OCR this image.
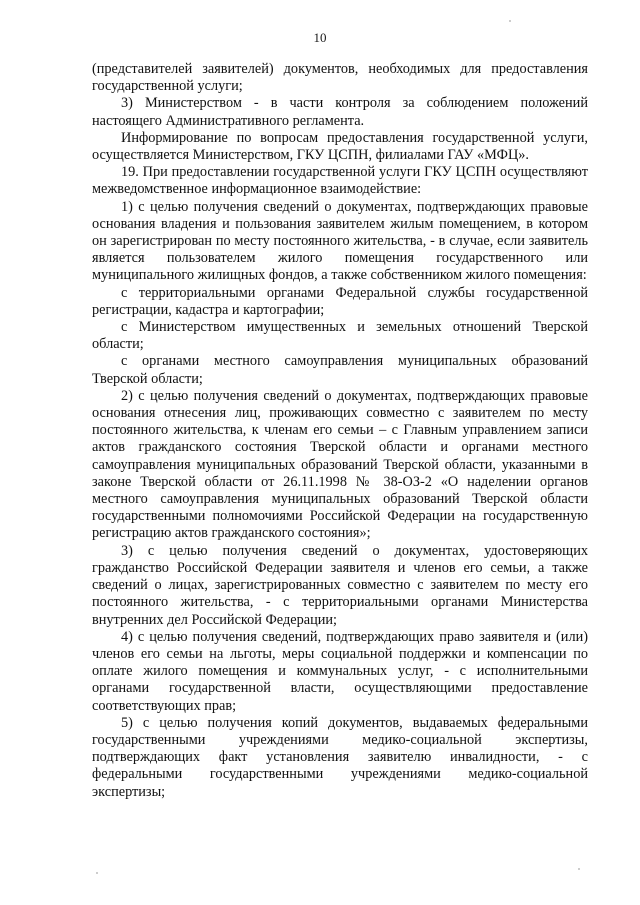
10

(представителей заявителей) документов, необходимых для предоставления государственной услуги;

3) Министерством - в части контроля за соблюдением положений настоящего Административного регламента.

Информирование по вопросам предоставления государственной услуги, осуществляется Министерством, ГКУ ЦСПН, филиалами ГАУ «МФЦ».

19. При предоставлении государственной услуги ГКУ ЦСПН осуществляют межведомственное информационное взаимодействие:

1) с целью получения сведений о документах, подтверждающих правовые основания владения и пользования заявителем жилым помещением, в котором он зарегистрирован по месту постоянного жительства, - в случае, если заявитель является пользователем жилого помещения государственного или муниципального жилищных фондов, а также собственником жилого помещения:

с территориальными органами Федеральной службы государственной регистрации, кадастра и картографии;

с Министерством имущественных и земельных отношений Тверской области;

с органами местного самоуправления муниципальных образований Тверской области;

2) с целью получения сведений о документах, подтверждающих правовые основания отнесения лиц, проживающих совместно с заявителем по месту постоянного жительства, к членам его семьи – с Главным управлением записи актов гражданского состояния Тверской области и органами местного самоуправления муниципальных образований Тверской области, указанными в законе Тверской области от 26.11.1998 № 38-ОЗ-2 «О наделении органов местного самоуправления муниципальных образований Тверской области государственными полномочиями Российской Федерации на государственную регистрацию актов гражданского состояния»;

3) с целью получения сведений о документах, удостоверяющих гражданство Российской Федерации заявителя и членов его семьи, а также сведений о лицах, зарегистрированных совместно с заявителем по месту его постоянного жительства, - с территориальными органами Министерства внутренних дел Российской Федерации;

4) с целью получения сведений, подтверждающих право заявителя и (или) членов его семьи на льготы, меры социальной поддержки и компенсации по оплате жилого помещения и коммунальных услуг, - с исполнительными органами государственной власти, осуществляющими предоставление соответствующих прав;

5) с целью получения копий документов, выдаваемых федеральными государственными учреждениями медико-социальной экспертизы, подтверждающих факт установления заявителю инвалидности, - с федеральными государственными учреждениями медико-социальной экспертизы;
